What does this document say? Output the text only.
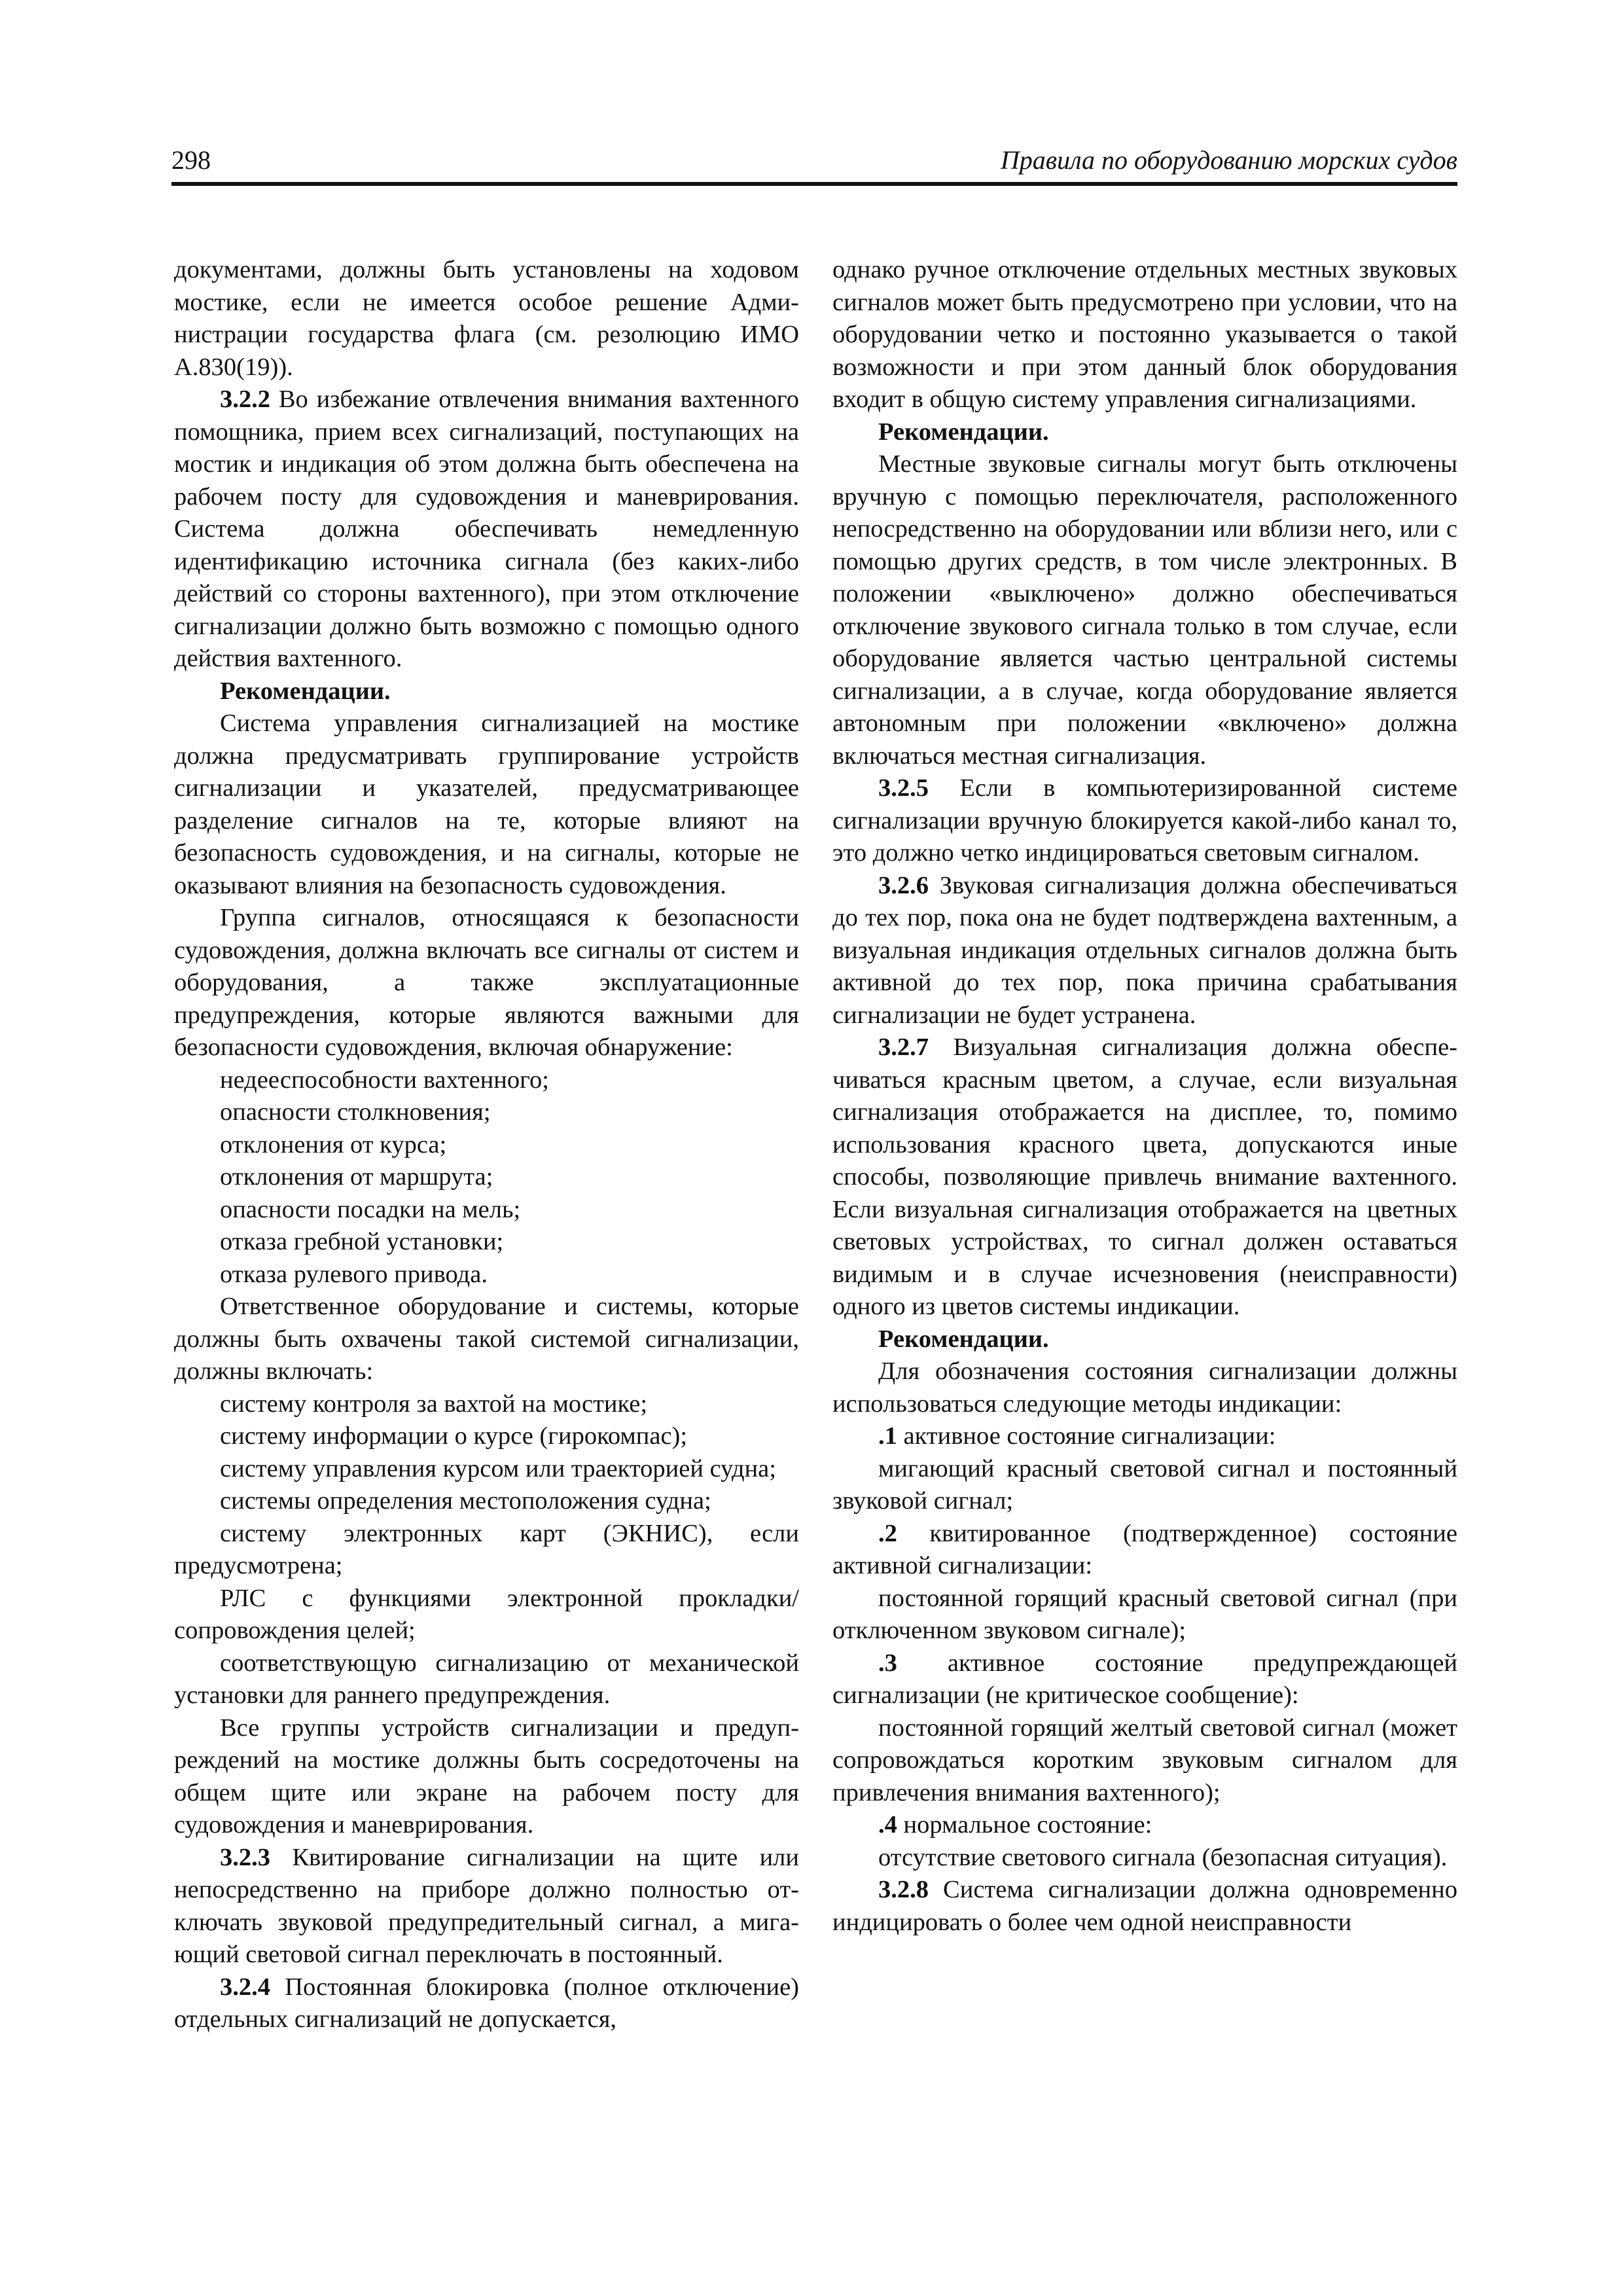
298	Правила по оборудованию морских судов

документами, должны быть установлены на ходовом мостике, если не имеется особое решение Администрации государства флага (см. резолюцию ИМО А.830(19)).

3.2.2 Во избежание отвлечения внимания вахтенного помощника, прием всех сигнализаций, поступающих на мостик и индикация об этом должна быть обеспечена на рабочем посту для судовождения и маневрирования. Система должна обеспечивать немедленную идентификацию источника сигнала (без каких-либо действий со стороны вахтенного), при этом отключение сигнализации должно быть возможно с помощью одного действия вахтенного.

Рекомендации.

Система управления сигнализацией на мостике должна предусматривать группирование устройств сигнализации и указателей, предусматривающее разделение сигналов на те, которые влияют на безопасность судовождения, и на сигналы, которые не оказывают влияния на безопасность судовождения.

Группа сигналов, относящаяся к безопасности судовождения, должна включать все сигналы от систем и оборудования, а также эксплуатационные предупреждения, которые являются важными для безопасности судовождения, включая обнаружение:

недееспособности вахтенного;

опасности столкновения;

отклонения от курса;

отклонения от маршрута;

опасности посадки на мель;

отказа гребной установки;

отказа рулевого привода.

Ответственное оборудование и системы, которые должны быть охвачены такой системой сигнализации, должны включать:

систему контроля за вахтой на мостике;

систему информации о курсе (гирокомпас);

систему управления курсом или траекторией судна;

системы определения местоположения судна;

систему электронных карт (ЭКНИС), если предусмотрена;

РЛС с функциями электронной прокладки/ сопровождения целей;

соответствующую сигнализацию от механической установки для раннего предупреждения.

Все группы устройств сигнализации и предупреждений на мостике должны быть сосредоточены на общем щите или экране на рабочем посту для судовождения и маневрирования.

3.2.3 Квитирование сигнализации на щите или непосредственно на приборе должно полностью отключать звуковой предупредительный сигнал, а мигающий световой сигнал переключать в постоянный.

3.2.4 Постоянная блокировка (полное отключение) отдельных сигнализаций не допускается,

однако ручное отключение отдельных местных звуковых сигналов может быть предусмотрено при условии, что на оборудовании четко и постоянно указывается о такой возможности и при этом данный блок оборудования входит в общую систему управления сигнализациями.

Рекомендации.

Местные звуковые сигналы могут быть отключены вручную с помощью переключателя, расположенного непосредственно на оборудовании или вблизи него, или с помощью других средств, в том числе электронных. В положении «выключено» должно обеспечиваться отключение звукового сигнала только в том случае, если оборудование является частью центральной системы сигнализации, а в случае, когда оборудование является автономным при положении «включено» должна включаться местная сигнализация.

3.2.5 Если в компьютеризированной системе сигнализации вручную блокируется какой-либо канал то, это должно четко индицироваться световым сигналом.

3.2.6 Звуковая сигнализация должна обеспечиваться до тех пор, пока она не будет подтверждена вахтенным, а визуальная индикация отдельных сигналов должна быть активной до тех пор, пока причина срабатывания сигнализации не будет устранена.

3.2.7 Визуальная сигнализация должна обеспечиваться красным цветом, а случае, если визуальная сигнализация отображается на дисплее, то, помимо использования красного цвета, допускаются иные способы, позволяющие привлечь внимание вахтенного. Если визуальная сигнализация отображается на цветных световых устройствах, то сигнал должен оставаться видимым и в случае исчезновения (неисправности) одного из цветов системы индикации.

Рекомендации.

Для обозначения состояния сигнализации должны использоваться следующие методы индикации:

.1 активное состояние сигнализации:

мигающий красный световой сигнал и постоянный звуковой сигнал;

.2 квитированное (подтвержденное) состояние активной сигнализации:

постоянной горящий красный световой сигнал (при отключенном звуковом сигнале);

.3 активное состояние предупреждающей сигнализации (не критическое сообщение):

постоянной горящий желтый световой сигнал (может сопровождаться коротким звуковым сигналом для привлечения внимания вахтенного);

.4 нормальное состояние:

отсутствие светового сигнала (безопасная ситуация).

3.2.8 Система сигнализации должна одновременно индицировать о более чем одной неисправности
